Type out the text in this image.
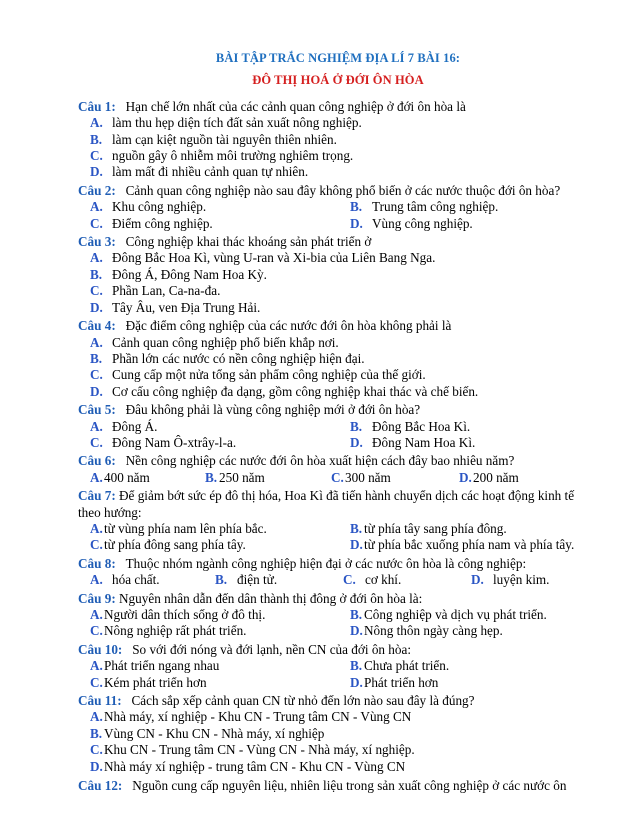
BÀI TẬP TRẮC NGHIỆM ĐỊA LÍ 7 BÀI 16:
ĐÔ THỊ HOÁ Ở ĐỚI ÔN HÒA
Câu 1: Hạn chế lớn nhất của các cảnh quan công nghiệp ở đới ôn hòa là
A. làm thu hẹp diện tích đất sản xuất nông nghiệp.
B. làm cạn kiệt nguồn tài nguyên thiên nhiên.
C. nguồn gây ô nhiễm môi trường nghiêm trọng.
D. làm mất đi nhiều cảnh quan tự nhiên.
Câu 2: Cảnh quan công nghiệp nào sau đây không phổ biến ở các nước thuộc đới ôn hòa?
A. Khu công nghiệp.	B. Trung tâm công nghiệp.
C. Điểm công nghiệp.	D. Vùng công nghiệp.
Câu 3: Công nghiệp khai thác khoáng sản phát triển ở
A. Đông Bắc Hoa Kì, vùng U-ran và Xi-bia của Liên Bang Nga.
B. Đông Á, Đông Nam Hoa Kỳ.
C. Phần Lan, Ca-na-đa.
D. Tây Âu, ven Địa Trung Hải.
Câu 4: Đặc điểm công nghiệp của các nước đới ôn hòa không phải là
A. Cảnh quan công nghiệp phổ biến khắp nơi.
B. Phần lớn các nước có nền công nghiệp hiện đại.
C. Cung cấp một nửa tổng sản phẩm công nghiệp của thế giới.
D. Cơ cấu công nghiệp đa dạng, gồm công nghiệp khai thác và chế biến.
Câu 5: Đâu không phải là vùng công nghiệp mới ở đới ôn hòa?
A. Đông Á.	B. Đông Bắc Hoa Kì.
C. Đông Nam Ô-xtrây-l-a.	D. Đông Nam Hoa Kì.
Câu 6: Nền công nghiệp các nước đới ôn hòa xuất hiện cách đây bao nhiêu năm?
A.400 năm	B. 250 năm	C.300 năm	D.200 năm
Câu 7: Để giảm bớt sức ép đô thị hóa, Hoa Kì đã tiến hành chuyển dịch các hoạt động kinh tế theo hướng:
A.từ vùng phía nam lên phía bắc.	B. từ phía tây sang phía đông.
C.từ phía đông sang phía tây.	D.từ phía bắc xuống phía nam và phía tây.
Câu 8: Thuộc nhóm ngành công nghiệp hiện đại ở các nước ôn hòa là công nghiệp:
A. hóa chất.	B. điện tử.	C. cơ khí.	D. luyện kim.
Câu 9: Nguyên nhân dẫn đến dân thành thị đông ở đới ôn hòa là:
A.Người dân thích sống ở đô thị.	B. Công nghiệp và dịch vụ phát triển.
C.Nông nghiệp rất phát triển.	D.Nông thôn ngày càng hẹp.
Câu 10: So với đới nóng và đới lạnh, nền CN của đới ôn hòa:
A.Phát triển ngang nhau	B. Chưa phát triển.
C.Kém phát triển hơn	D.Phát triển hơn
Câu 11: Cách sắp xếp cảnh quan CN từ nhỏ đến lớn nào sau đây là đúng?
A.Nhà máy, xí nghiệp - Khu CN - Trung tâm CN - Vùng CN
B. Vùng CN - Khu CN - Nhà máy, xí nghiệp
C.Khu CN - Trung tâm CN - Vùng CN - Nhà máy, xí nghiệp.
D.Nhà máy xí nghiệp - trung tâm CN - Khu CN - Vùng CN
Câu 12: Nguồn cung cấp nguyên liệu, nhiên liệu trong sản xuất công nghiệp ở các nước ôn
